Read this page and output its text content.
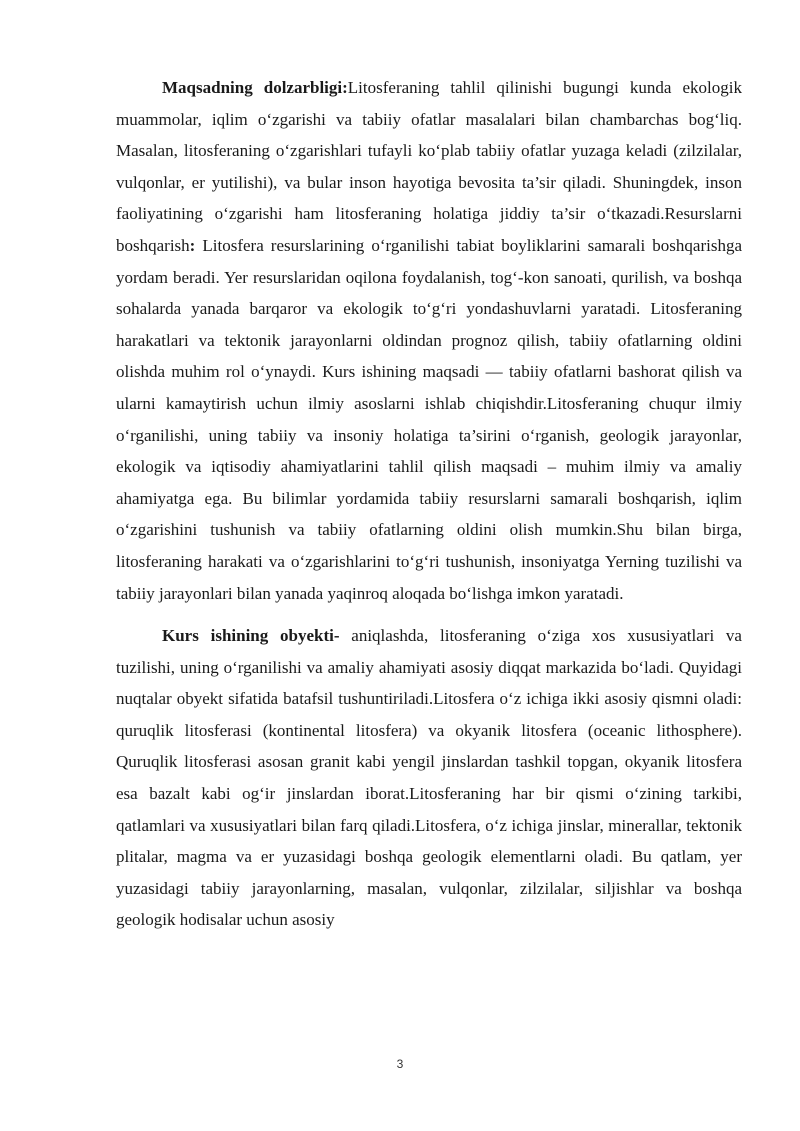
Maqsadning dolzarbligi:Litosferaning tahlil qilinishi bugungi kunda ekologik muammolar, iqlim o‘zgarishi va tabiiy ofatlar masalalari bilan chambarchas bog‘liq. Masalan, litosferaning o‘zgarishlari tufayli ko‘plab tabiiy ofatlar yuzaga keladi (zilzilalar, vulqonlar, er yutilishi), va bular inson hayotiga bevosita ta’sir qiladi. Shuningdek, inson faoliyatining o‘zgarishi ham litosferaning holatiga jiddiy ta’sir o‘tkazadi.Resurslarni boshqarish: Litosfera resurslarining o‘rganilishi tabiat boyliklarini samarali boshqarishga yordam beradi. Yer resurslaridan oqilona foydalanish, tog‘-kon sanoati, qurilish, va boshqa sohalarda yanada barqaror va ekologik to‘g‘ri yondashuvlarni yaratadi. Litosferaning harakatlari va tektonik jarayonlarni oldindan prognoz qilish, tabiiy ofatlarning oldini olishda muhim rol o‘ynaydi. Kurs ishining maqsadi — tabiiy ofatlarni bashorat qilish va ularni kamaytirish uchun ilmiy asoslarni ishlab chiqishdir.Litosferaning chuqur ilmiy o‘rganilishi, uning tabiiy va insoniy holatiga ta’sirini o‘rganish, geologik jarayonlar, ekologik va iqtisodiy ahamiyatlarini tahlil qilish maqsadi – muhim ilmiy va amaliy ahamiyatga ega. Bu bilimlar yordamida tabiiy resurslarni samarali boshqarish, iqlim o‘zgarishini tushunish va tabiiy ofatlarning oldini olish mumkin.Shu bilan birga, litosferaning harakati va o‘zgarishlarini to‘g‘ri tushunish, insoniyatga Yerning tuzilishi va tabiiy jarayonlari bilan yanada yaqinroq aloqada bo‘lishga imkon yaratadi.

Kurs ishining obyekti- aniqlashda, litosferaning o‘ziga xos xususiyatlari va tuzilishi, uning o‘rganilishi va amaliy ahamiyati asosiy diqqat markazida bo‘ladi. Quyidagi nuqtalar obyekt sifatida batafsil tushuntiriladi.Litosfera o‘z ichiga ikki asosiy qismni oladi: quruqlik litosferasi (kontinental litosfera) va okyanik litosfera (oceanic lithosphere). Quruqlik litosferasi asosan granit kabi yengil jinslardan tashkil topgan, okyanik litosfera esa bazalt kabi og‘ir jinslardan iborat.Litosferaning har bir qismi o‘zining tarkibi, qatlamlari va xususiyatlari bilan farq qiladi.Litosfera, o‘z ichiga jinslar, minerallar, tektonik plitalar, magma va er yuzasidagi boshqa geologik elementlarni oladi. Bu qatlam, yer yuzasidagi tabiiy jarayonlarning, masalan, vulqonlar, zilzilalar, siljishlar va boshqa geologik hodisalar uchun asosiy

3
